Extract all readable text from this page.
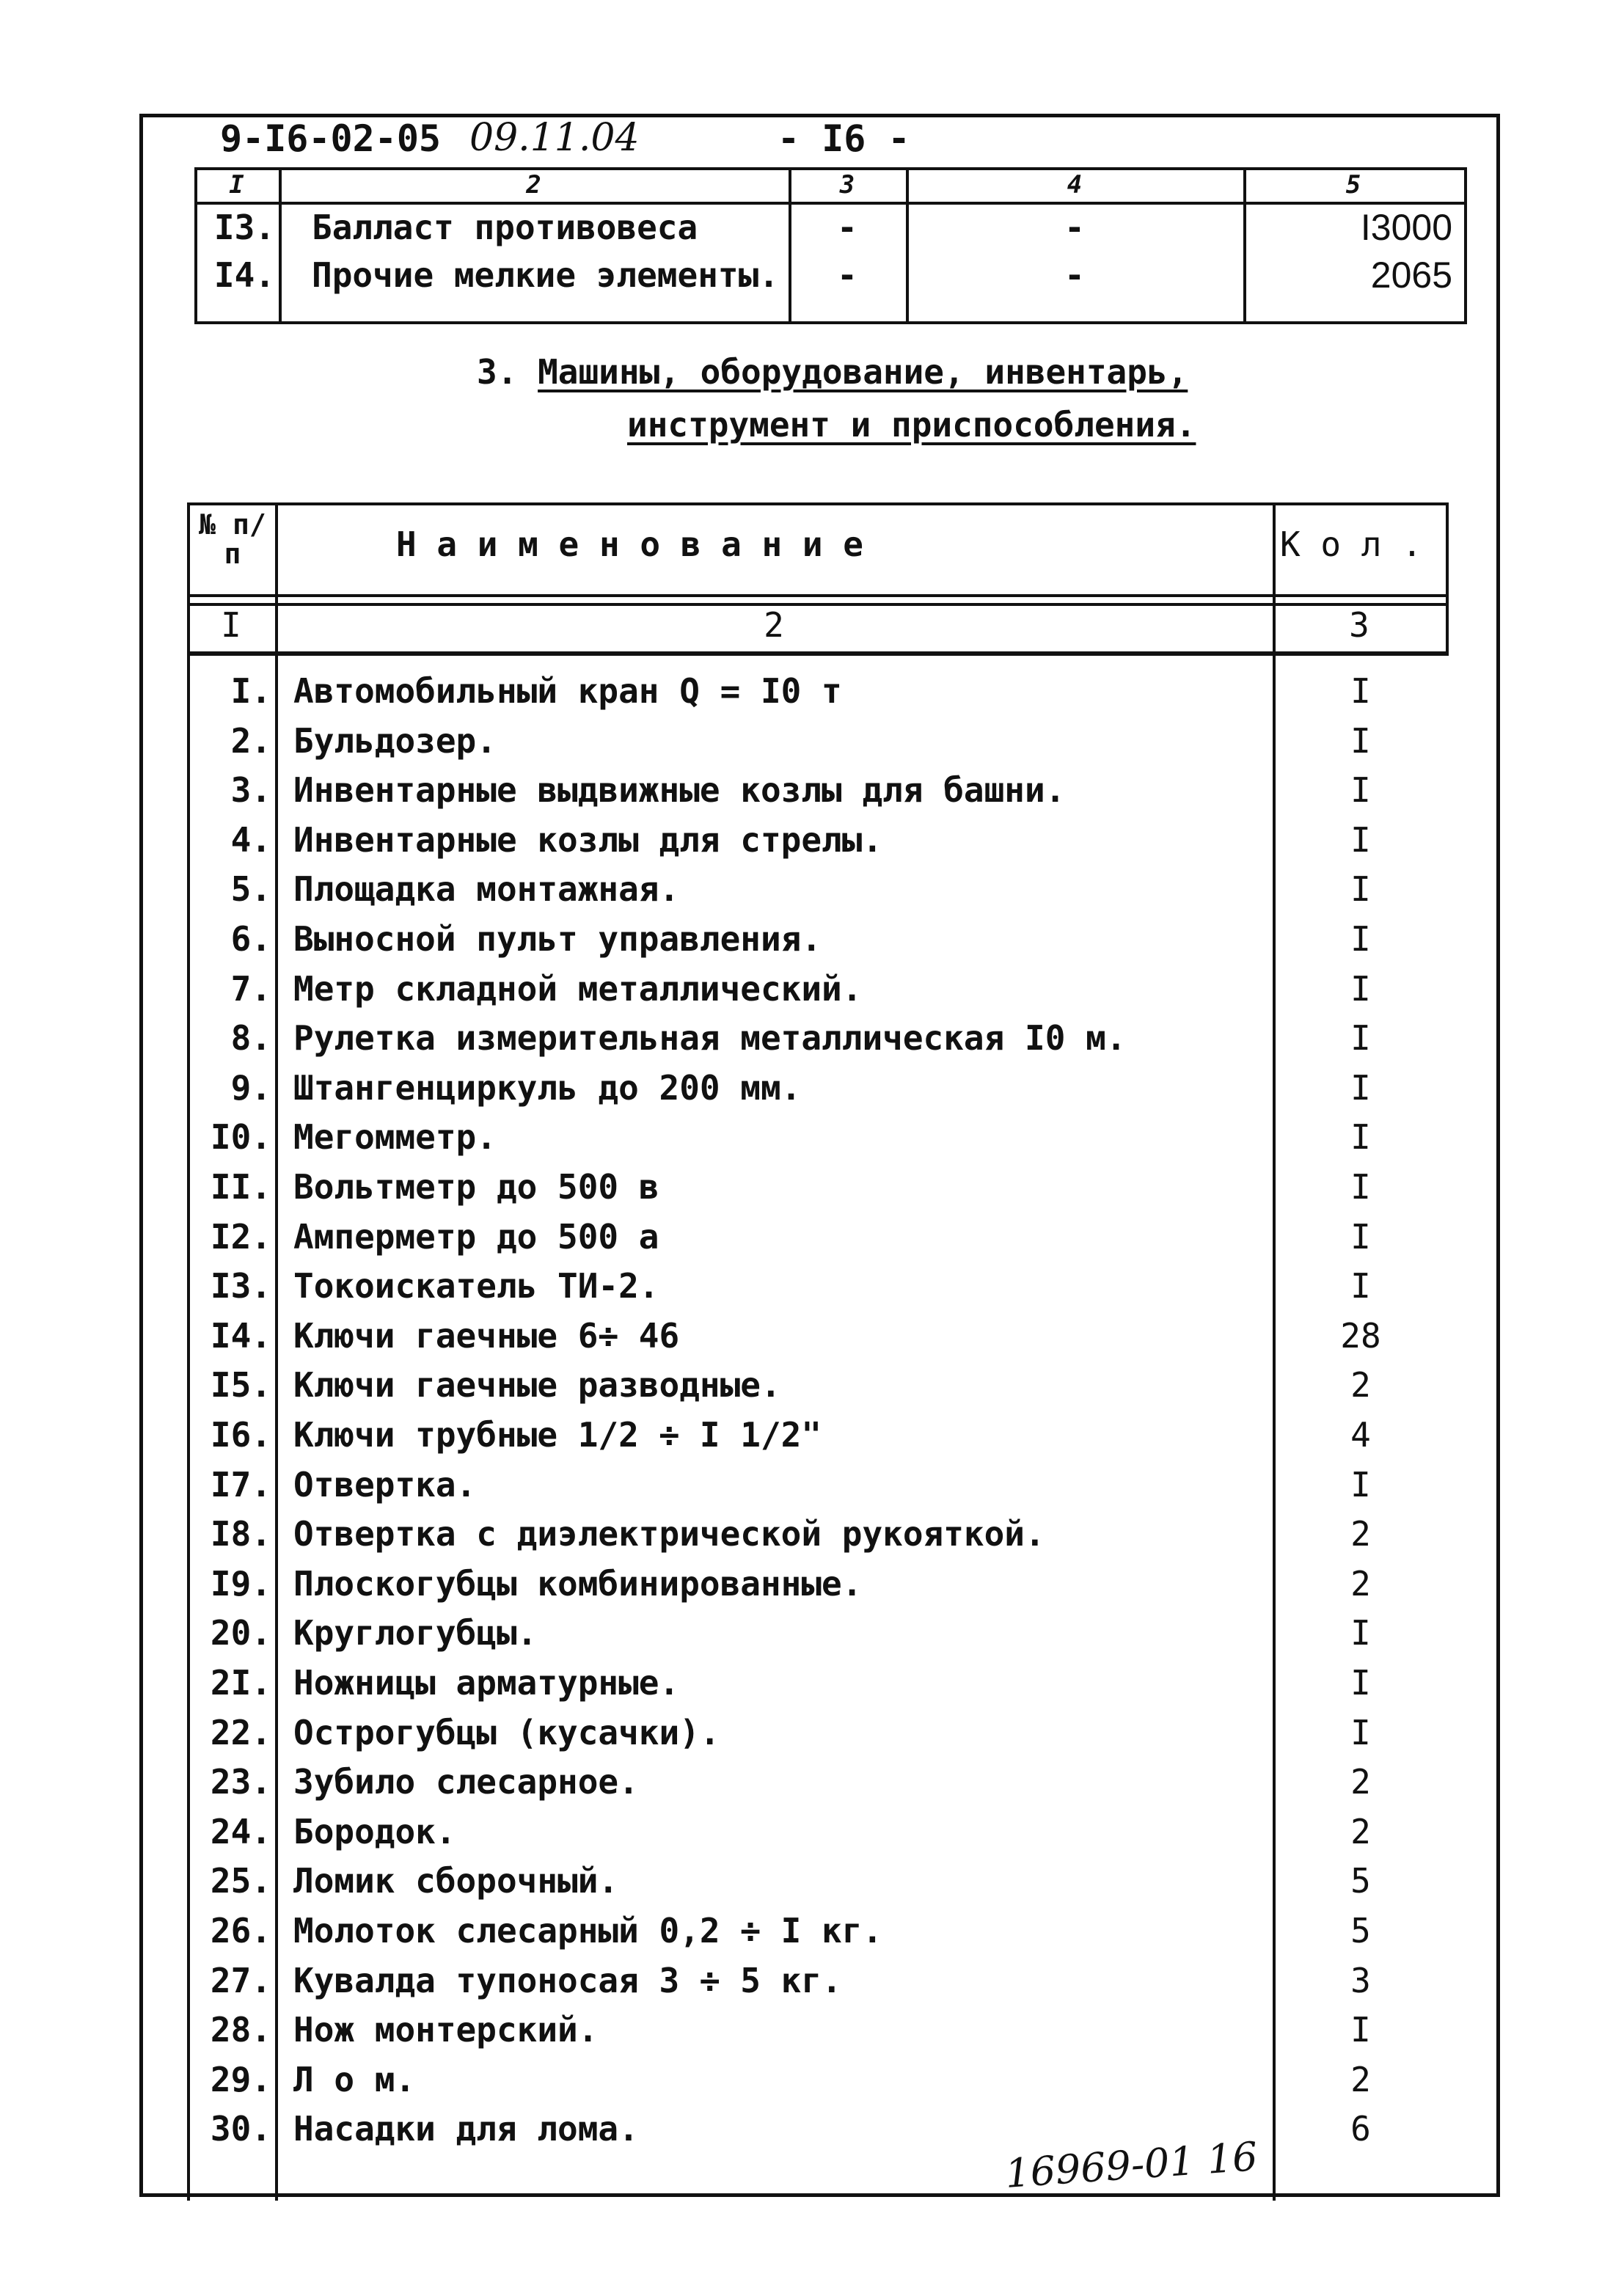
9-I6-02-05 09.11.04	- I6 -
I	2	3	4	5
I3. Балласт противовеса	-	-	I3000
I4. Прочие мелкие элементы.	-	-	2065
3. Машины, оборудование, инвентарь,
инструмент и приспособления.
№ п/п	Н а и м е н о в а н и е	К о л .
I	2	3
I. Автомобильный кран Q = I0 т	I
2. Бульдозер.	I
3. Инвентарные выдвижные козлы для башни.	I
4. Инвентарные козлы для стрелы.	I
5. Площадка монтажная.	I
6. Выносной пульт управления.	I
7. Метр складной металлический.	I
8. Рулетка измерительная металлическая I0 м.	I
9. Штангенциркуль до 200 мм.	I
I0. Мегомметр.	I
II. Вольтметр до 500 в	I
I2. Амперметр до 500 а	I
I3. Токоискатель ТИ-2.	I
I4. Ключи гаечные 6÷ 46	28
I5. Ключи гаечные разводные.	2
I6. Ключи трубные 1/2 ÷ I 1/2"	4
I7. Отвертка.	I
I8. Отвертка с диэлектрической рукояткой.	2
I9. Плоскогубцы комбинированные.	2
20. Круглогубцы.	I
2I. Ножницы арматурные.	I
22. Острогубцы (кусачки).	I
23. Зубило слесарное.	2
24. Бородок.	2
25. Ломик сборочный.	5
26. Молоток слесарный 0,2 ÷ I кг.	5
27. Кувалда тупоносая 3 ÷ 5 кг.	3
28. Нож монтерский.	I
29. Л о м.	2
30. Насадки для лома.	6
16969-01 16
